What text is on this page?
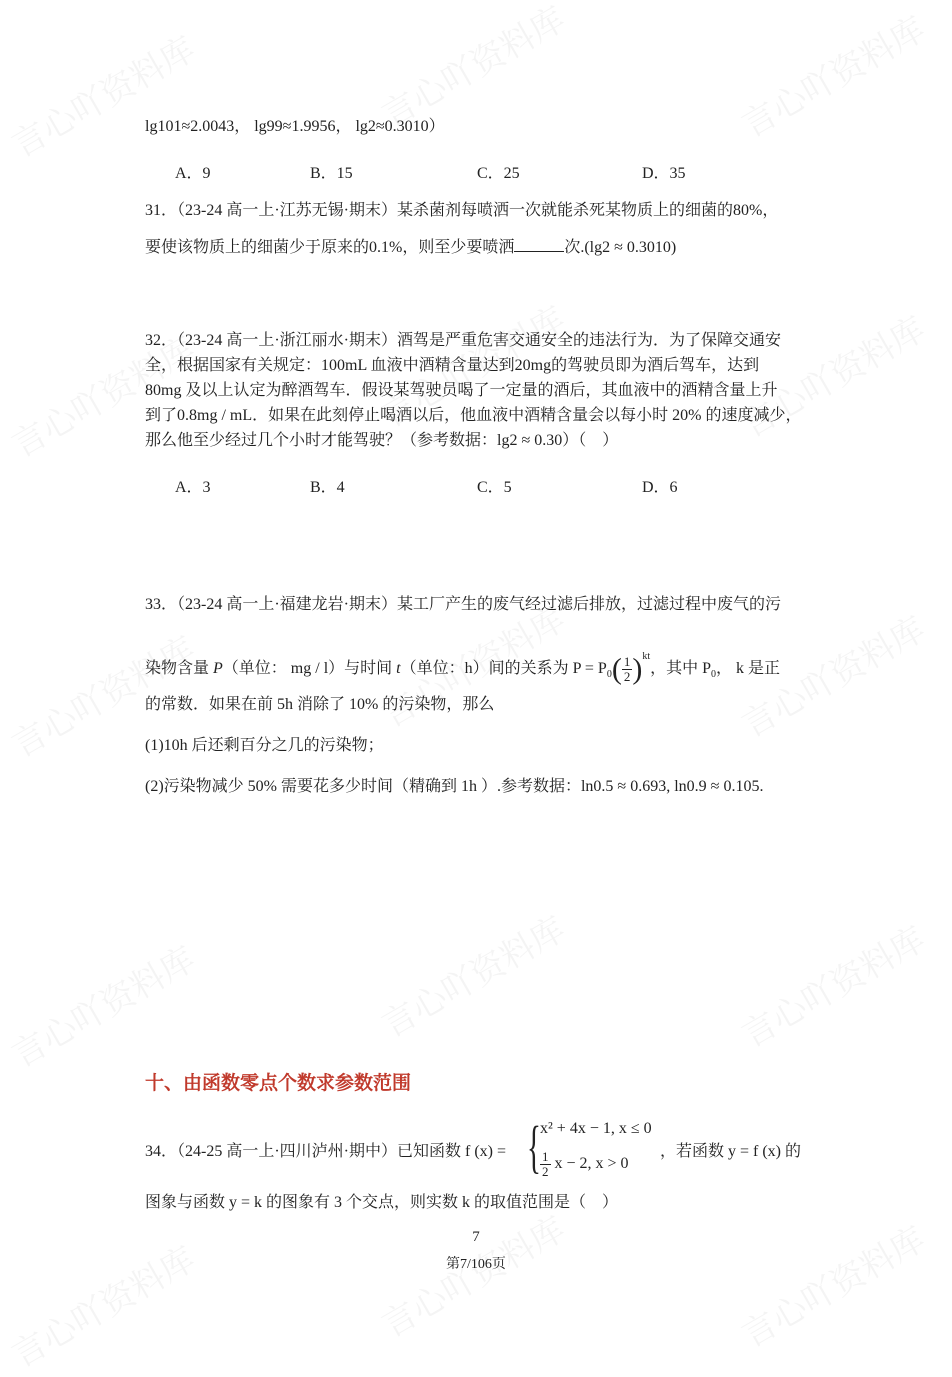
lg101≈2.0043， lg99≈1.9956， lg2≈0.3010）
A．9	B．15	C．25	D．35
31．（23-24 高一上·江苏无锡·期末）某杀菌剂每喷洒一次就能杀死某物质上的细菌的80%，
要使该物质上的细菌少于原来的0.1%，则至少要喷洒	次.(lg2 ≈ 0.3010)
32．（23-24 高一上·浙江丽水·期末）酒驾是严重危害交通安全的违法行为．为了保障交通安
全，根据国家有关规定：100mL 血液中酒精含量达到20mg的驾驶员即为酒后驾车，达到
80mg 及以上认定为醉酒驾车．假设某驾驶员喝了一定量的酒后，其血液中的酒精含量上升
到了0.8mg / mL．如果在此刻停止喝酒以后，他血液中酒精含量会以每小时 20% 的速度减少，
那么他至少经过几个小时才能驾驶？（参考数据：lg2 ≈ 0.30）（　）
A．3	B．4	C．5	D．6
33．（23-24 高一上·福建龙岩·期末）某工厂产生的废气经过滤后排放，过滤过程中废气的污
染物含量 P（单位： mg / l）与时间 t（单位：h）间的关系为 $P = P_0( \frac{1}{2} )^{kt}$，其中 $P_0$， k 是正
的常数．如果在前 5h 消除了 10% 的污染物，那么
(1)10h 后还剩百分之几的污染物；
(2)污染物减少 50% 需要花多少时间（精确到 1h ）.参考数据：ln0.5 ≈ 0.693, ln0.9 ≈ 0.105.
十、由函数零点个数求参数范围
34．（24-25 高一上·四川泸州·期中）已知函数 f (x) = { x² + 4x − 1, x ≤ 0
$\frac{1}{2}$ x − 2, x > 0
，若函数 y = f (x) 的
图象与函数 y = k 的图象有 3 个交点，则实数 k 的取值范围是（　）
7
第7/106页
